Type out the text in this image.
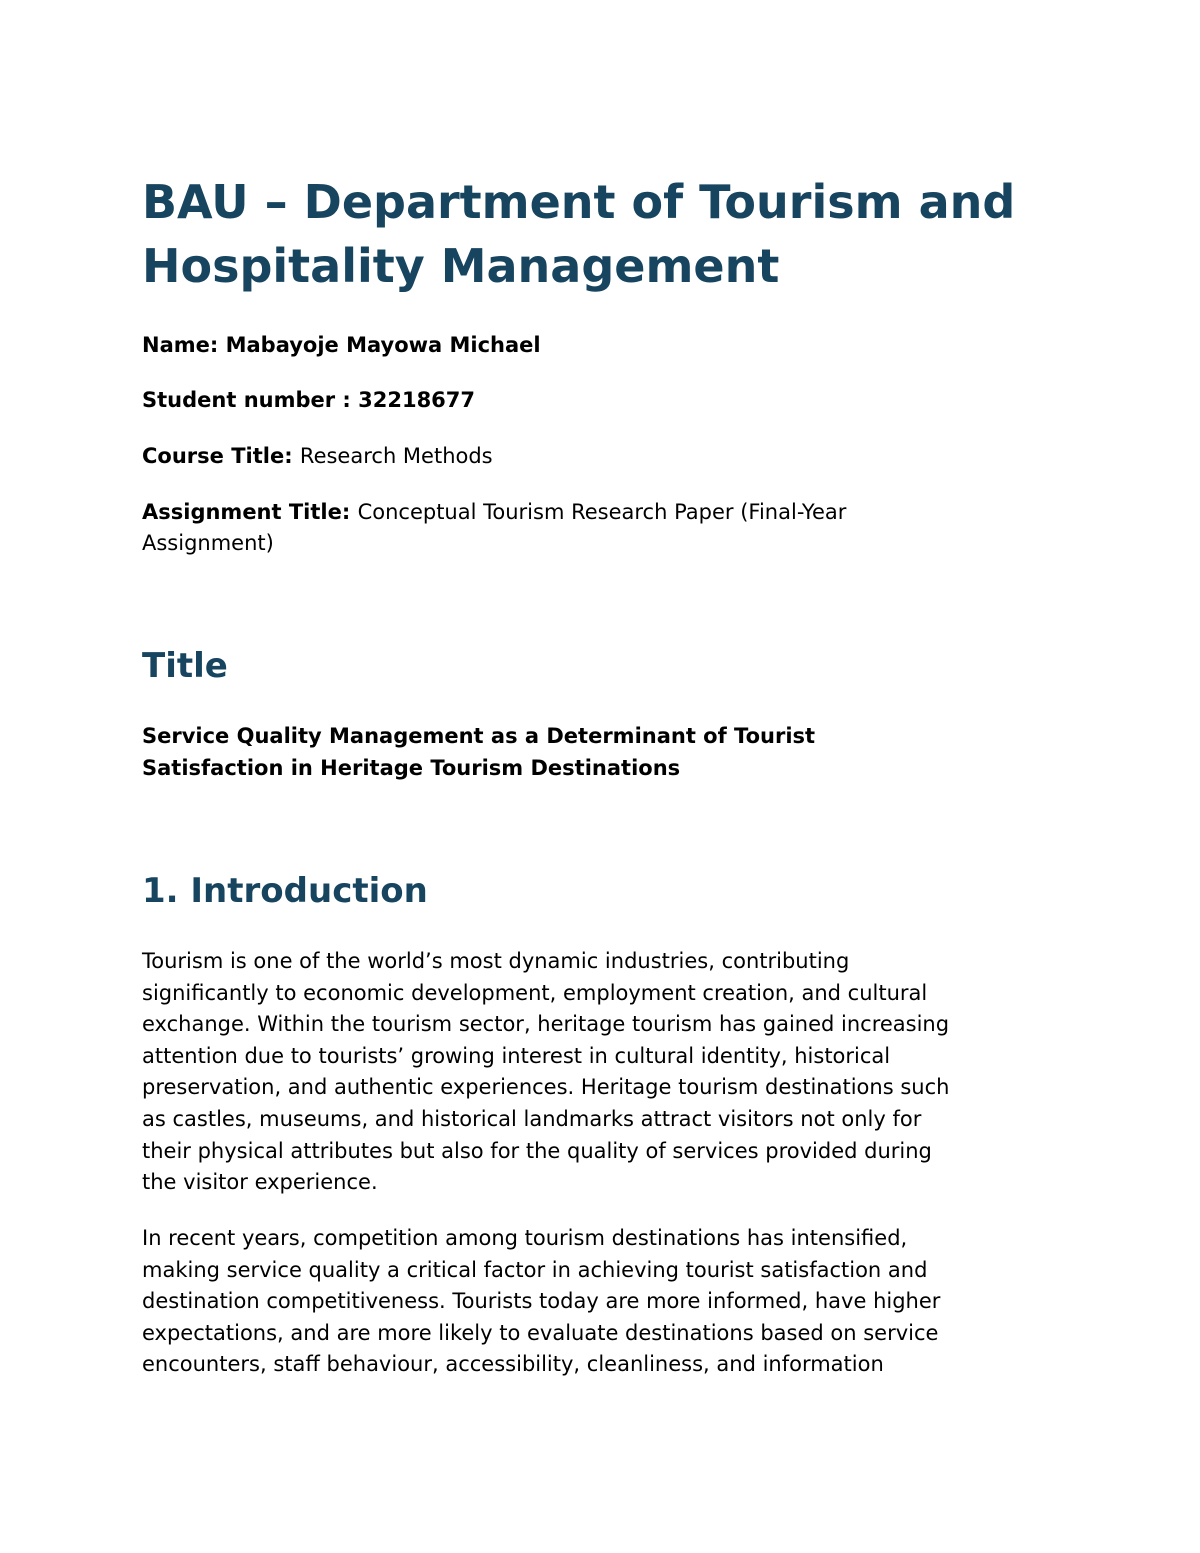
BAU – Department of Tourism and
Hospitality Management

Name: Mabayoje Mayowa Michael

Student number : 32218677

Course Title: Research Methods

Assignment Title: Conceptual Tourism Research Paper (Final-Year
Assignment)

Title

Service Quality Management as a Determinant of Tourist
Satisfaction in Heritage Tourism Destinations

1. Introduction

Tourism is one of the world’s most dynamic industries, contributing
significantly to economic development, employment creation, and cultural
exchange. Within the tourism sector, heritage tourism has gained increasing
attention due to tourists’ growing interest in cultural identity, historical
preservation, and authentic experiences. Heritage tourism destinations such
as castles, museums, and historical landmarks attract visitors not only for
their physical attributes but also for the quality of services provided during
the visitor experience.

In recent years, competition among tourism destinations has intensified,
making service quality a critical factor in achieving tourist satisfaction and
destination competitiveness. Tourists today are more informed, have higher
expectations, and are more likely to evaluate destinations based on service
encounters, staff behaviour, accessibility, cleanliness, and information
